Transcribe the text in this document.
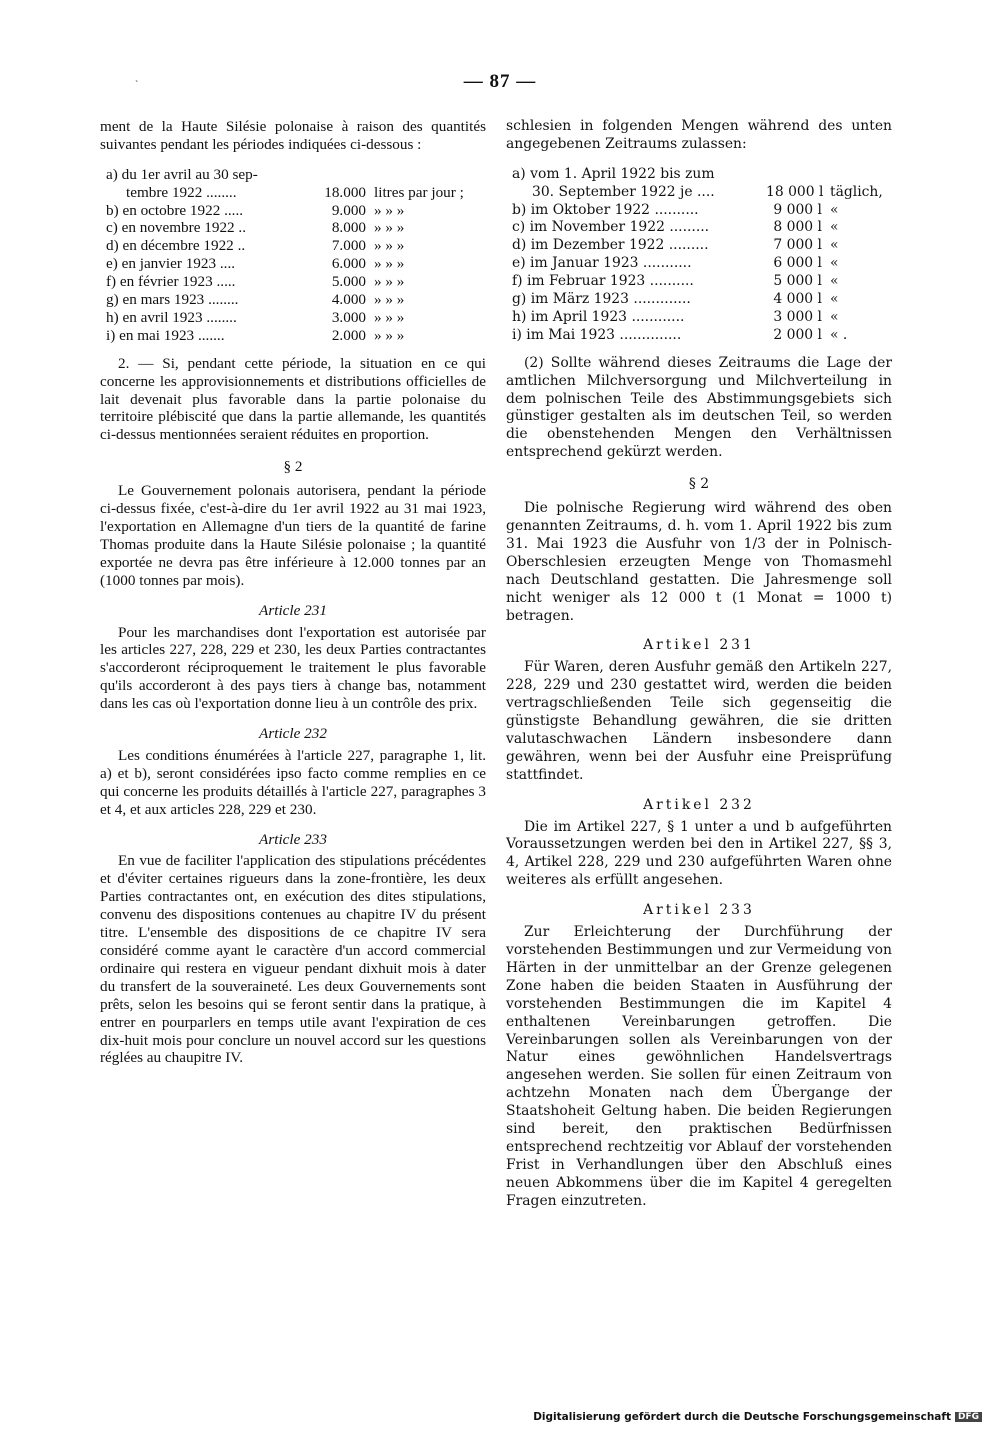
`	— 87 —

ment de la Haute Silésie polonaise à raison des quantités suivantes pendant les périodes indiquées ci-dessous :

a) du 1er avril au 30 sep-
tembre 1922 ........	18.000 litres par jour ;
b) en octobre 1922 .....	9.000 » » »
c) en novembre 1922 ..	8.000 » » »
d) en décembre 1922 ..	7.000 » » »
e) en janvier 1923 ....	6.000 » » »
f) en février 1923 .....	5.000 » » »
g) en mars 1923 ........	4.000 » » »
h) en avril 1923 ........	3.000 » » »
i) en mai 1923 .......	2.000 » » »

2. — Si, pendant cette période, la situation en ce qui concerne les approvisionnements et distributions officielles de lait devenait plus favorable dans la partie polonaise du territoire plébiscité que dans la partie allemande, les quantités ci-dessus mentionnées seraient réduites en proportion.

§ 2

Le Gouvernement polonais autorisera, pendant la période ci-dessus fixée, c'est-à-dire du 1er avril 1922 au 31 mai 1923, l'exportation en Allemagne d'un tiers de la quantité de farine Thomas produite dans la Haute Silésie polonaise ; la quantité exportée ne devra pas être inférieure à 12.000 tonnes par an (1000 tonnes par mois).

Article 231

Pour les marchandises dont l'exportation est autorisée par les articles 227, 228, 229 et 230, les deux Parties contractantes s'accorderont réciproquement le traitement le plus favorable qu'ils accorderont à des pays tiers à change bas, notamment dans les cas où l'exportation donne lieu à un contrôle des prix.

Article 232

Les conditions énumérées à l'article 227, paragraphe 1, lit. a) et b), seront considérées ipso facto comme remplies en ce qui concerne les produits détaillés à l'article 227, paragraphes 3 et 4, et aux articles 228, 229 et 230.

Article 233

En vue de faciliter l'application des stipulations précédentes et d'éviter certaines rigueurs dans la zone-frontière, les deux Parties contractantes ont, en exécution des dites stipulations, convenu des dispositions contenues au chapitre IV du présent titre. L'ensemble des dispositions de ce chapitre IV sera considéré comme ayant le caractère d'un accord commercial ordinaire qui restera en vigueur pendant dixhuit mois à dater du transfert de la souveraineté. Les deux Gouvernements sont prêts, selon les besoins qui se feront sentir dans la pratique, à entrer en pourparlers en temps utile avant l'expiration de ces dix-huit mois pour conclure un nouvel accord sur les questions réglées au chaupitre IV.

schlesien in folgenden Mengen während des unten angegebenen Zeitraums zulassen:

a) vom 1. April 1922 bis zum
30. September 1922 je ....	18 000 l täglich,
b) im Oktober 1922 ..........	9 000 l «
c) im November 1922 .........	8 000 l «
d) im Dezember 1922 .........	7 000 l «
e) im Januar 1923 ...........	6 000 l «
f) im Februar 1923 ..........	5 000 l «
g) im März 1923 .............	4 000 l «
h) im April 1923 ............	3 000 l «
i) im Mai 1923 ..............	2 000 l « .

(2) Sollte während dieses Zeitraums die Lage der amtlichen Milchversorgung und Milchverteilung in dem polnischen Teile des Abstimmungsgebiets sich günstiger gestalten als im deutschen Teil, so werden die obenstehenden Mengen den Verhältnissen entsprechend gekürzt werden.

§ 2

Die polnische Regierung wird während des oben genannten Zeitraums, d. h. vom 1. April 1922 bis zum 31. Mai 1923 die Ausfuhr von 1/3 der in Polnisch-Oberschlesien erzeugten Menge von Thomasmehl nach Deutschland gestatten. Die Jahresmenge soll nicht weniger als 12 000 t (1 Monat = 1000 t) betragen.

Artikel 231

Für Waren, deren Ausfuhr gemäß den Artikeln 227, 228, 229 und 230 gestattet wird, werden die beiden vertragschließenden Teile sich gegenseitig die günstigste Behandlung gewähren, die sie dritten valutaschwachen Ländern insbesondere dann gewähren, wenn bei der Ausfuhr eine Preisprüfung stattfindet.

Artikel 232

Die im Artikel 227, § 1 unter a und b aufgeführten Voraussetzungen werden bei den in Artikel 227, §§ 3, 4, Artikel 228, 229 und 230 aufgeführten Waren ohne weiteres als erfüllt angesehen.

Artikel 233

Zur Erleichterung der Durchführung der vorstehenden Bestimmungen und zur Vermeidung von Härten in der unmittelbar an der Grenze gelegenen Zone haben die beiden Staaten in Ausführung der vorstehenden Bestimmungen die im Kapitel 4 enthaltenen Vereinbarungen getroffen. Die Vereinbarungen sollen als Vereinbarungen von der Natur eines gewöhnlichen Handelsvertrags angesehen werden. Sie sollen für einen Zeitraum von achtzehn Monaten nach dem Übergange der Staatshoheit Geltung haben. Die beiden Regierungen sind bereit, den praktischen Bedürfnissen entsprechend rechtzeitig vor Ablauf der vorstehenden Frist in Verhandlungen über den Abschluß eines neuen Abkommens über die im Kapitel 4 geregelten Fragen einzutreten.

Digitalisierung gefördert durch die Deutsche Forschungsgemeinschaft DFG
